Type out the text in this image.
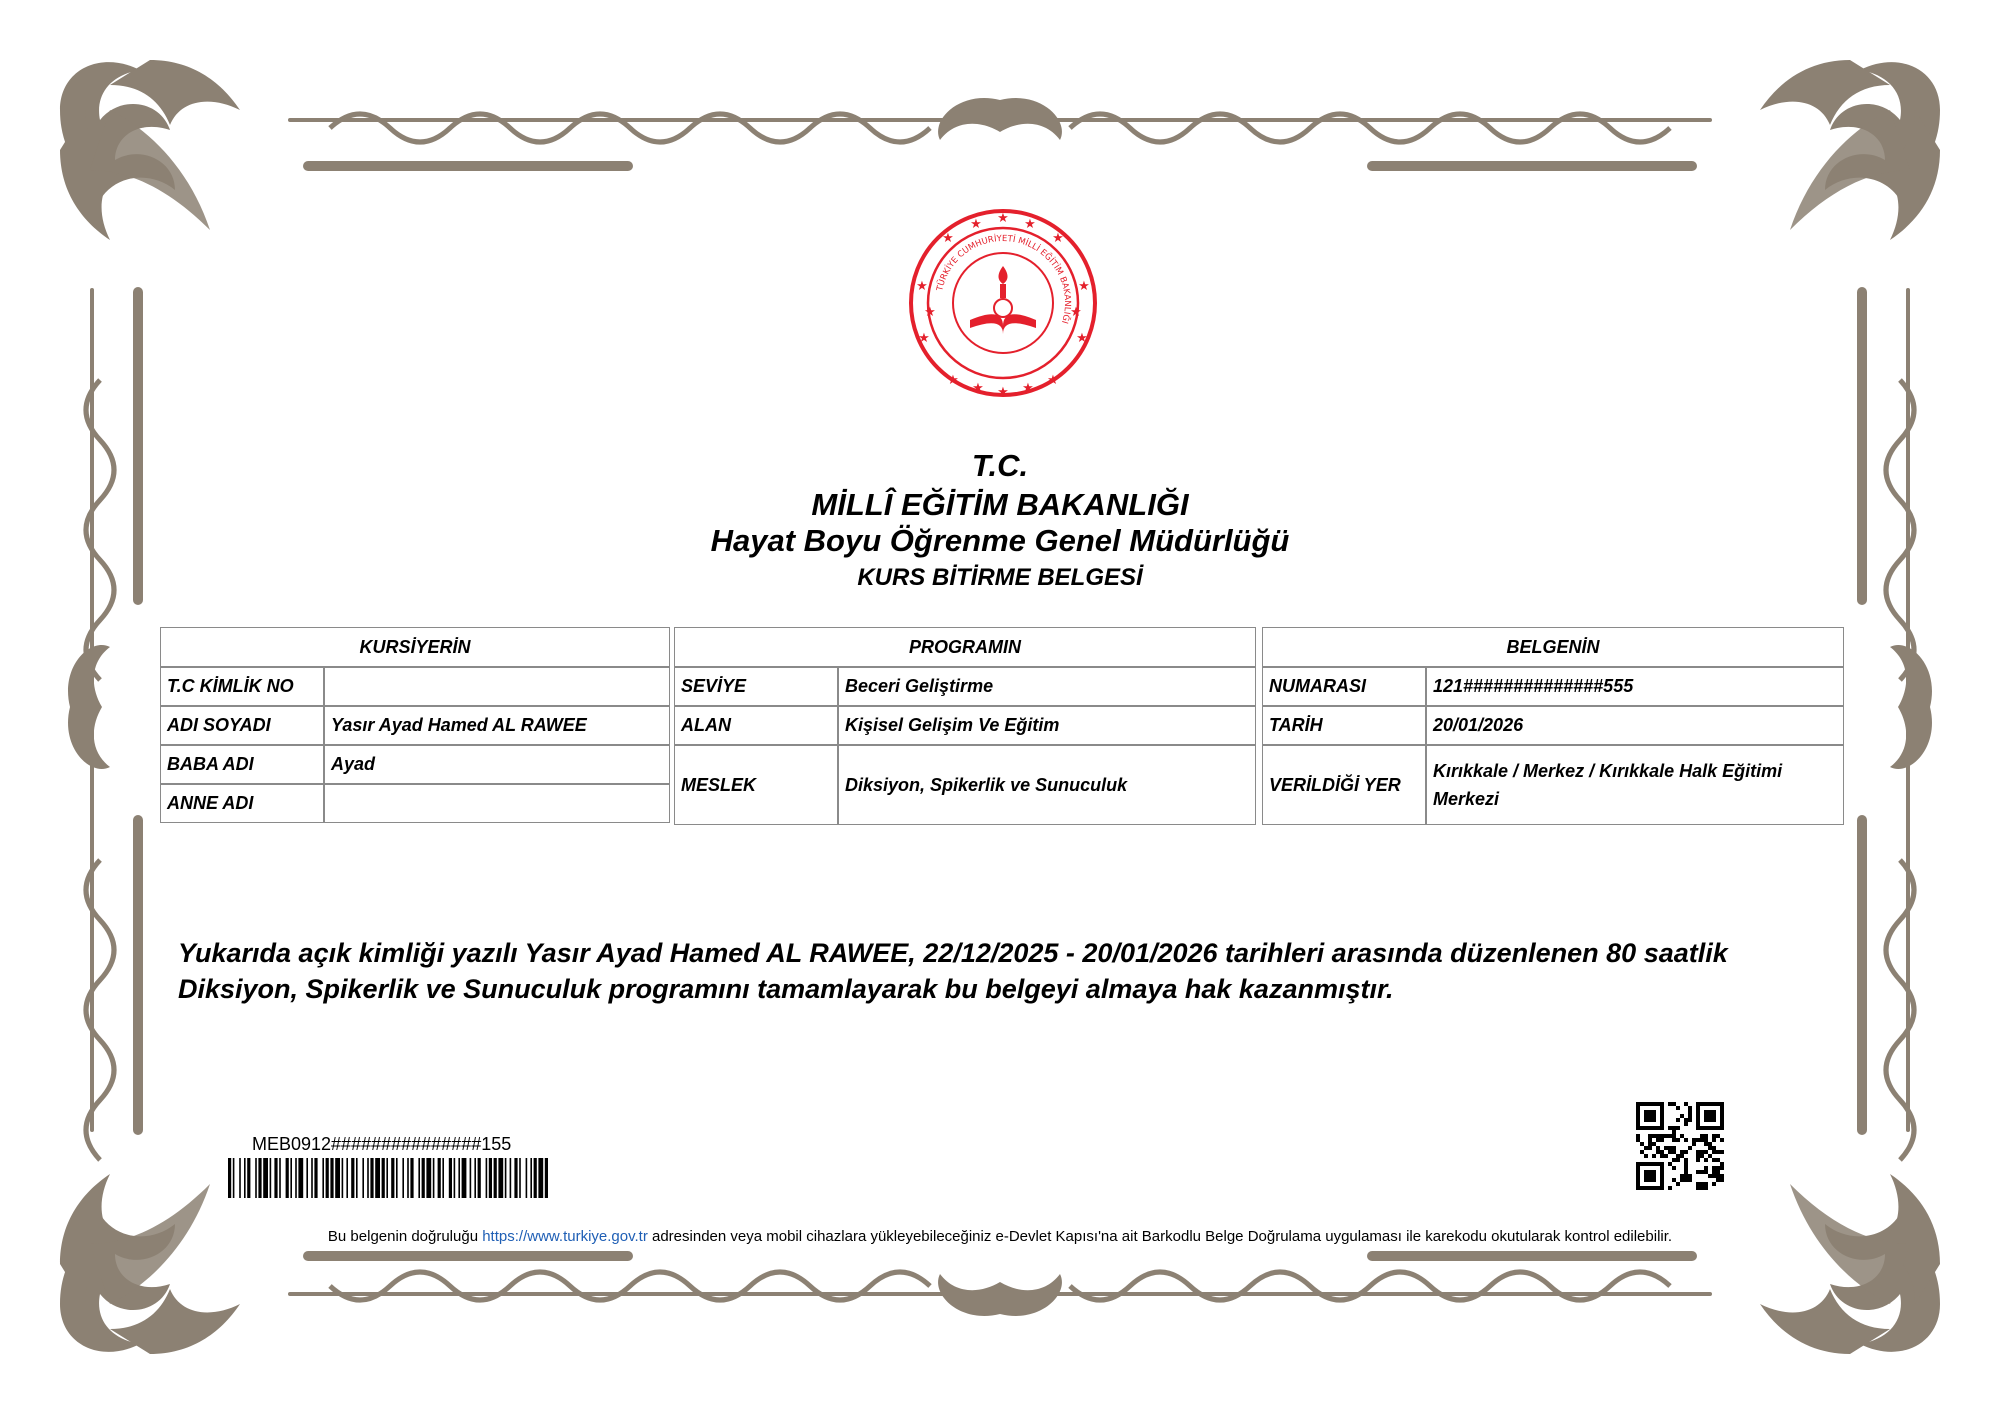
★
★
★
★
★
★
★
★
★
★
★
★
★
★
★
★
TÜRKİYE CUMHURİYETİ MİLLİ EĞİTİM BAKANLIĞI
T.C.
MİLLÎ EĞİTİM BAKANLIĞI
Hayat Boyu Öğrenme Genel Müdürlüğü
KURS BİTİRME BELGESİ
KURSİYERİN	
T.C KİMLİK NO	
ADI SOYADI	Yasır Ayad Hamed AL RAWEE
BABA ADI	Ayad
ANNE ADI	
PROGRAMIN	
SEVİYE	Beceri Geliştirme
ALAN	Kişisel Gelişim Ve Eğitim
MESLEK	Diksiyon, Spikerlik ve Sunuculuk
BELGENİN	
NUMARASI	121##############555
TARİH	20/01/2026
VERİLDİĞİ YER	Kırıkkale / Merkez / Kırıkkale Halk Eğitimi Merkezi
Yukarıda açık kimliği yazılı Yasır Ayad Hamed AL RAWEE, 22/12/2025 - 20/01/2026 tarihleri arasında düzenlenen 80 saatlik Diksiyon, Spikerlik ve Sunuculuk programını tamamlayarak bu belgeyi almaya hak kazanmıştır.
MEB0912###############155
Bu belgenin doğruluğu https://www.turkiye.gov.tr adresinden veya mobil cihazlara yükleyebileceğiniz e-Devlet Kapısı'na ait Barkodlu Belge Doğrulama uygulaması ile karekodu okutularak kontrol edilebilir.
